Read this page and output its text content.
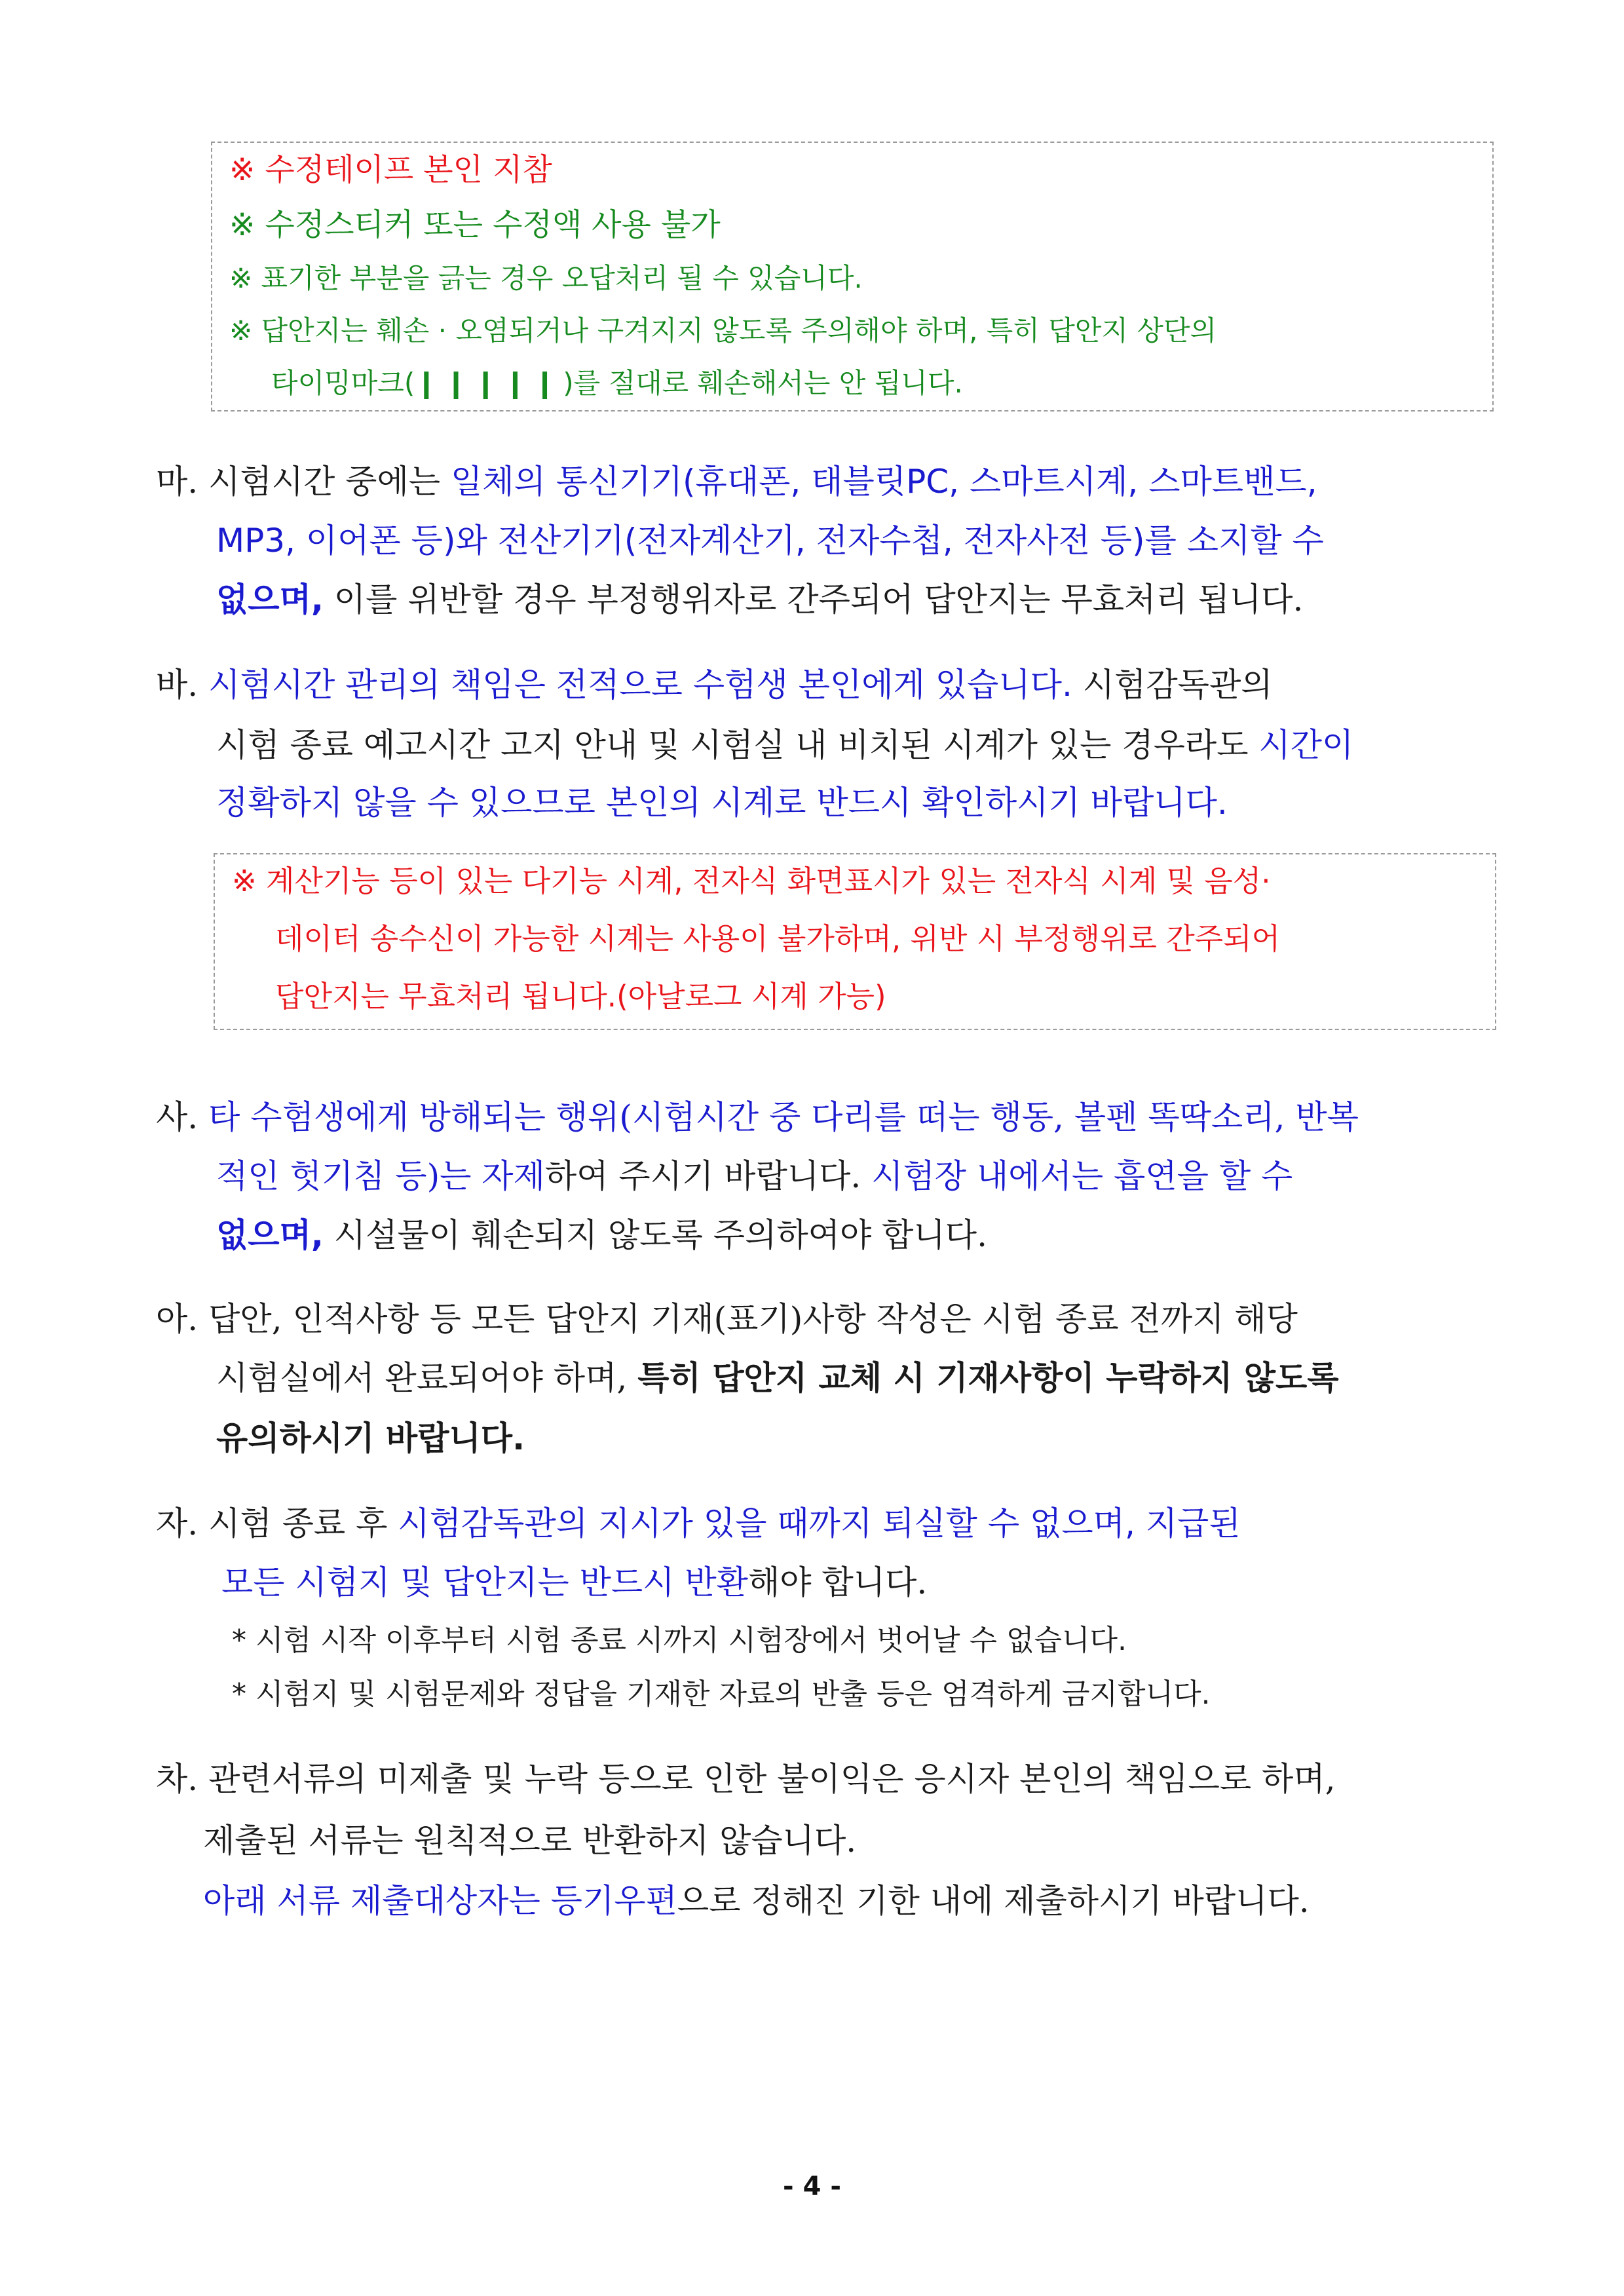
※ 수정테이프 본인 지참
※ 수정스티커 또는 수정액 사용 불가
※ 표기한 부분을 긁는 경우 오답처리 될 수 있습니다.
※ 답안지는 훼손 · 오염되거나 구겨지지 않도록 주의해야 하며, 특히 답안지 상단의
타이밍마크(❙❙❙❙❙)를 절대로 훼손해서는 안 됩니다.
마. 시험시간 중에는 일체의 통신기기(휴대폰, 태블릿PC, 스마트시계, 스마트밴드,
MP3, 이어폰 등)와 전산기기(전자계산기, 전자수첩, 전자사전 등)를 소지할 수
없으며, 이를 위반할 경우 부정행위자로 간주되어 답안지는 무효처리 됩니다.
바. 시험시간 관리의 책임은 전적으로 수험생 본인에게 있습니다. 시험감독관의
시험 종료 예고시간 고지 안내 및 시험실 내 비치된 시계가 있는 경우라도 시간이
정확하지 않을 수 있으므로 본인의 시계로 반드시 확인하시기 바랍니다.
※ 계산기능 등이 있는 다기능 시계, 전자식 화면표시가 있는 전자식 시계 및 음성·
데이터 송수신이 가능한 시계는 사용이 불가하며, 위반 시 부정행위로 간주되어
답안지는 무효처리 됩니다.(아날로그 시계 가능)
사. 타 수험생에게 방해되는 행위(시험시간 중 다리를 떠는 행동, 볼펜 똑딱소리, 반복
적인 헛기침 등)는 자제하여 주시기 바랍니다. 시험장 내에서는 흡연을 할 수
없으며, 시설물이 훼손되지 않도록 주의하여야 합니다.
아. 답안, 인적사항 등 모든 답안지 기재(표기)사항 작성은 시험 종료 전까지 해당
시험실에서 완료되어야 하며, 특히 답안지 교체 시 기재사항이 누락하지 않도록
유의하시기 바랍니다.
자. 시험 종료 후 시험감독관의 지시가 있을 때까지 퇴실할 수 없으며, 지급된
모든 시험지 및 답안지는 반드시 반환해야 합니다.
* 시험 시작 이후부터 시험 종료 시까지 시험장에서 벗어날 수 없습니다.
* 시험지 및 시험문제와 정답을 기재한 자료의 반출 등은 엄격하게 금지합니다.
차. 관련서류의 미제출 및 누락 등으로 인한 불이익은 응시자 본인의 책임으로 하며,
제출된 서류는 원칙적으로 반환하지 않습니다.
아래 서류 제출대상자는 등기우편으로 정해진 기한 내에 제출하시기 바랍니다.
- 4 -
